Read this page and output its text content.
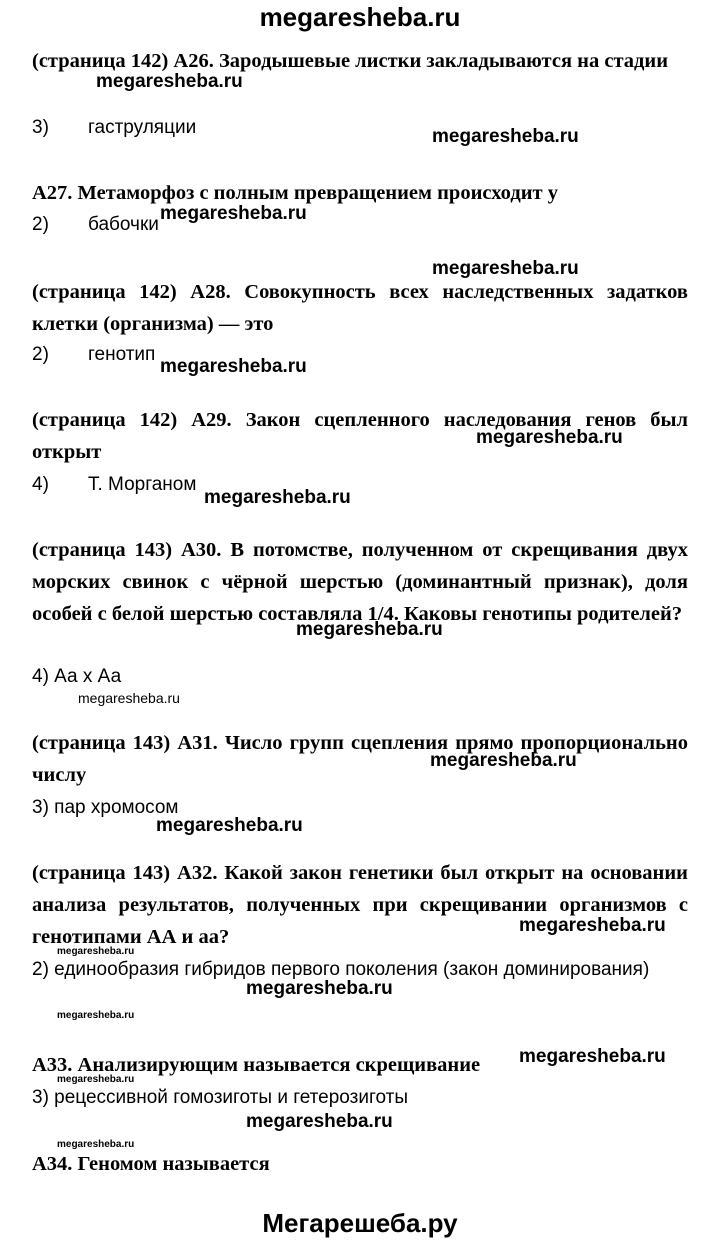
megaresheba.ru
(страница 142) А26. Зародышевые листки закладываются на стадии
3) гаструляции
А27. Метаморфоз с полным превращением происходит у
2) бабочки
(страница 142) А28. Совокупность всех наследственных задатков клетки (организма) — это
2) генотип
(страница 142) А29. Закон сцепленного наследования генов был открыт
4) Т. Морганом
(страница 143) А30. В потомстве, полученном от скрещивания двух морских свинок с чёрной шерстью (доминантный признак), доля особей с белой шерстью составляла 1/4. Каковы генотипы родителей?
4) Аа х Аа
(страница 143) А31. Число групп сцепления прямо пропорционально числу
3) пар хромосом
(страница 143) А32. Какой закон генетики был открыт на основании анализа результатов, полученных при скрещивании организмов с генотипами АА и аа?
2) единообразия гибридов первого поколения (закон доминирования)
А33. Анализирующим называется скрещивание
3) рецессивной гомозиготы и гетерозиготы
А34. Геномом называется
megaresheba.ru
megaresheba.ru
megaresheba.ru
megaresheba.ru
megaresheba.ru
megaresheba.ru
megaresheba.ru
megaresheba.ru
megaresheba.ru
megaresheba.ru
megaresheba.ru
megaresheba.ru
megaresheba.ru
megaresheba.ru
megaresheba.ru
megaresheba.ru
megaresheba.ru
megaresheba.ru
megaresheba.ru
Мегарешеба.ру
